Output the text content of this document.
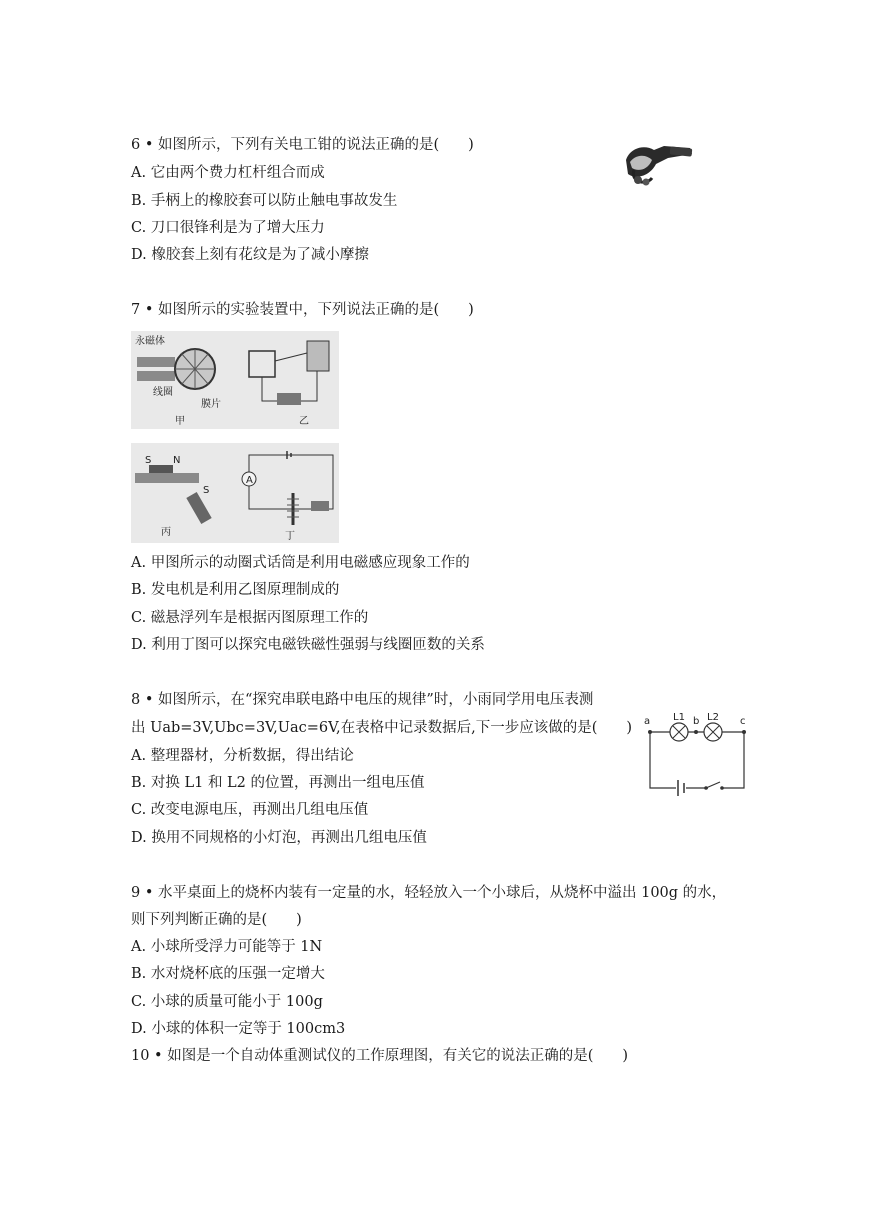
6 • 如图所示，下列有关电工钳的说法正确的是(　　)
A. 它由两个费力杠杆组合而成
B. 手柄上的橡胶套可以防止触电事故发生
C. 刀口很锋利是为了增大压力
D. 橡胶套上刻有花纹是为了减小摩擦
7 • 如图所示的实验装置中，下列说法正确的是(　　)
永磁体
线圈
膜片
甲	乙
S N
S
丙
A
丁
A. 甲图所示的动圈式话筒是利用电磁感应现象工作的
B. 发电机是利用乙图原理制成的
C. 磁悬浮列车是根据丙图原理工作的
D. 利用丁图可以探究电磁铁磁性强弱与线圈匝数的关系
8 • 如图所示，在“探究串联电路中电压的规律”时，小雨同学用电压表测
出 Uab=3V,Ubc=3V,Uac=6V,在表格中记录数据后,下一步应该做的是(　　) a L1 b L2 c
A. 整理器材，分析数据，得出结论
B. 对换 L1 和 L2 的位置，再测出一组电压值
C. 改变电源电压，再测出几组电压值
D. 换用不同规格的小灯泡，再测出几组电压值
9 • 水平桌面上的烧杯内装有一定量的水，轻轻放入一个小球后，从烧杯中溢出 100g 的水，
则下列判断正确的是(　　)
A. 小球所受浮力可能等于 1N
B. 水对烧杯底的压强一定增大
C. 小球的质量可能小于 100g
D. 小球的体积一定等于 100cm3
10 • 如图是一个自动体重测试仪的工作原理图，有关它的说法正确的是(　　)
